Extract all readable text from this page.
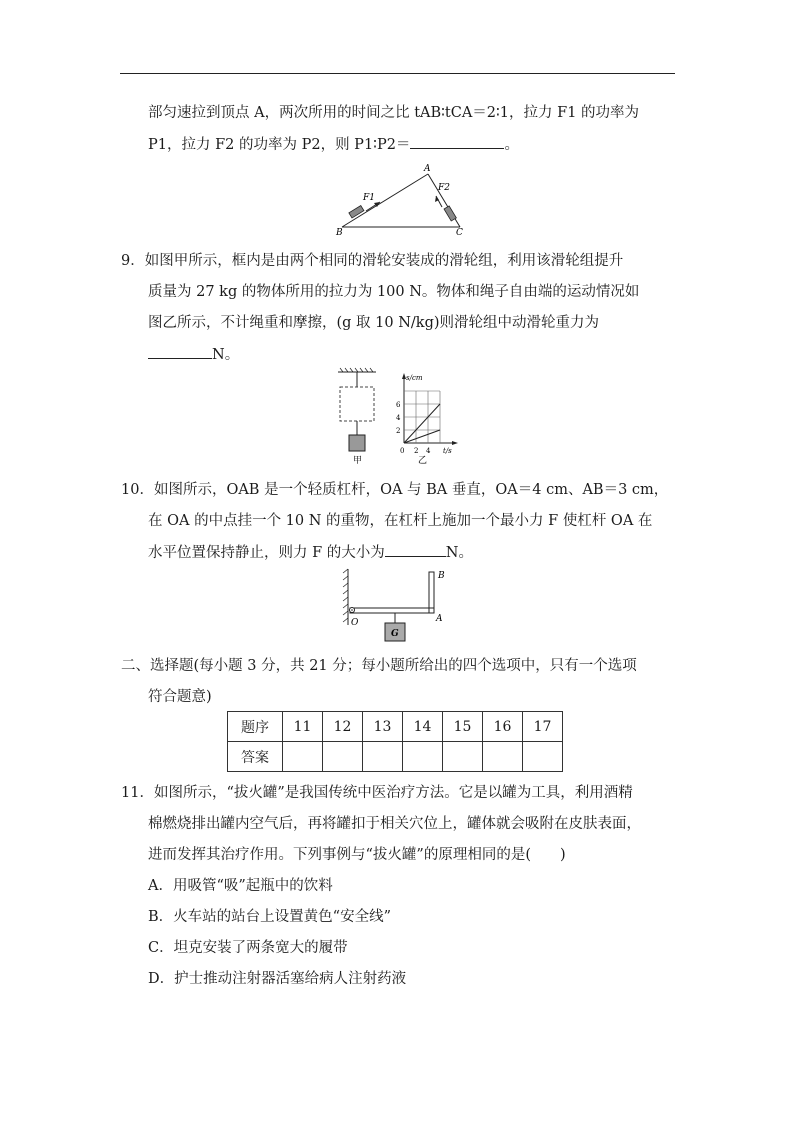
部匀速拉到顶点 A，两次所用的时间之比 tAB∶tCA＝2∶1，拉力 F1 的功率为
P1，拉力 F2 的功率为 P2，则 P1∶P2＝	。
F1
F2
A
B	C
9．如图甲所示，框内是由两个相同的滑轮安装成的滑轮组，利用该滑轮组提升
质量为 27 kg 的物体所用的拉力为 100 N。物体和绳子自由端的运动情况如
图乙所示，不计绳重和摩擦，(g 取 10 N/kg)则滑轮组中动滑轮重力为
N。
甲
s/cm
6
4
2
0 2 4 t/s
乙
10．如图所示，OAB 是一个轻质杠杆，OA 与 BA 垂直，OA＝4 cm、AB＝3 cm，
在 OA 的中点挂一个 10 N 的重物，在杠杆上施加一个最小力 F 使杠杆 OA 在
水平位置保持静止，则力 F 的大小为	N。
G
O	A
B
二、选择题(每小题 3 分，共 21 分；每小题所给出的四个选项中，只有一个选项
符合题意)
题序	11	12	13	14	15	16	17
答案							
11．如图所示，“拔火罐”是我国传统中医治疗方法。它是以罐为工具，利用酒精
棉燃烧排出罐内空气后，再将罐扣于相关穴位上，罐体就会吸附在皮肤表面，
进而发挥其治疗作用。下列事例与“拔火罐”的原理相同的是(　　)
A．用吸管“吸”起瓶中的饮料
B．火车站的站台上设置黄色“安全线”
C．坦克安装了两条宽大的履带
D．护士推动注射器活塞给病人注射药液
